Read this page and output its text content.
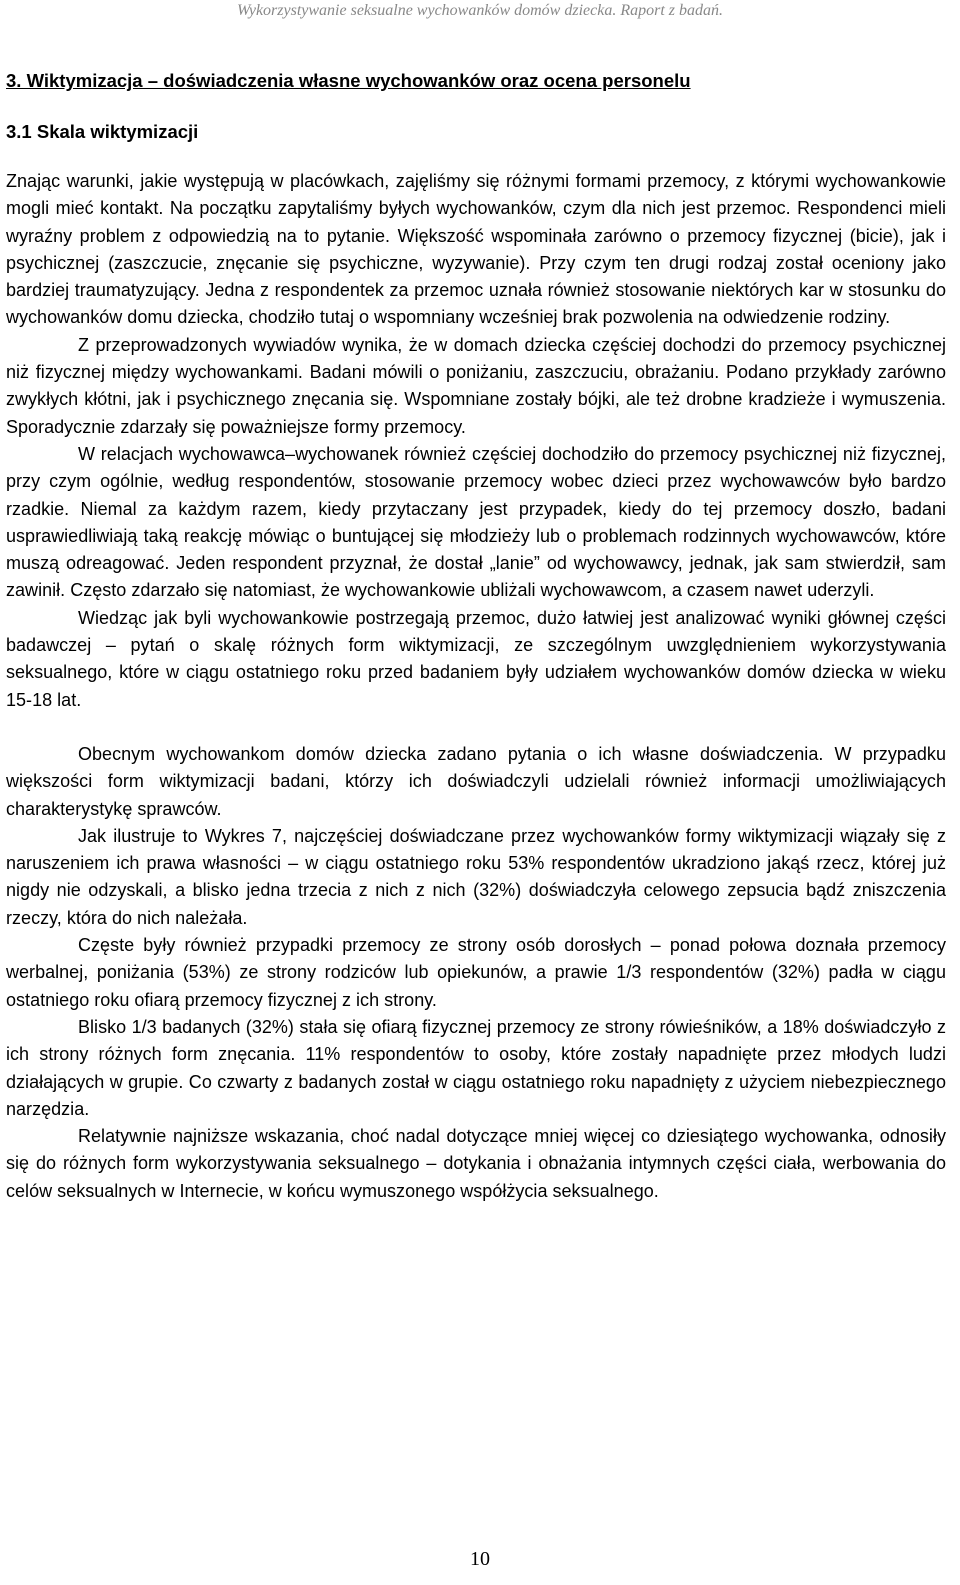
Wykorzystywanie seksualne wychowanków domów dziecka. Raport z badań.
3. Wiktymizacja – doświadczenia własne wychowanków oraz ocena personelu
3.1 Skala wiktymizacji

Znając warunki, jakie występują w placówkach, zajęliśmy się różnymi formami przemocy, z którymi wychowankowie mogli mieć kontakt. Na początku zapytaliśmy byłych wychowanków, czym dla nich jest przemoc. Respondenci mieli wyraźny problem z odpowiedzią na to pytanie. Większość wspominała zarówno o przemocy fizycznej (bicie), jak i psychicznej (zaszczucie, znęcanie się psychiczne, wyzywanie). Przy czym ten drugi rodzaj został oceniony jako bardziej traumatyzujący. Jedna z respondentek za przemoc uznała również stosowanie niektórych kar w stosunku do wychowanków domu dziecka, chodziło tutaj o wspomniany wcześniej brak pozwolenia na odwiedzenie rodziny.

Z przeprowadzonych wywiadów wynika, że w domach dziecka częściej dochodzi do przemocy psychicznej niż fizycznej między wychowankami. Badani mówili o poniżaniu, zaszczuciu, obrażaniu. Podano przykłady zarówno zwykłych kłótni, jak i psychicznego znęcania się. Wspomniane zostały bójki, ale też drobne kradzieże i wymuszenia. Sporadycznie zdarzały się poważniejsze formy przemocy.

W relacjach wychowawca–wychowanek również częściej dochodziło do przemocy psychicznej niż fizycznej, przy czym ogólnie, według respondentów, stosowanie przemocy wobec dzieci przez wychowawców było bardzo rzadkie. Niemal za każdym razem, kiedy przytaczany jest przypadek, kiedy do tej przemocy doszło, badani usprawiedliwiają taką reakcję mówiąc o buntującej się młodzieży lub o problemach rodzinnych wychowawców, które muszą odreagować. Jeden respondent przyznał, że dostał „lanie” od wychowawcy, jednak, jak sam stwierdził, sam zawinił. Często zdarzało się natomiast, że wychowankowie ubliżali wychowawcom, a czasem nawet uderzyli.

Wiedząc jak byli wychowankowie postrzegają przemoc, dużo łatwiej jest analizować wyniki głównej części badawczej – pytań o skalę różnych form wiktymizacji, ze szczególnym uwzględnieniem wykorzystywania seksualnego, które w ciągu ostatniego roku przed badaniem były udziałem wychowanków domów dziecka w wieku 15-18 lat.

Obecnym wychowankom domów dziecka zadano pytania o ich własne doświadczenia. W przypadku większości form wiktymizacji badani, którzy ich doświadczyli udzielali również informacji umożliwiających charakterystykę sprawców.

Jak ilustruje to Wykres 7, najczęściej doświadczane przez wychowanków formy wiktymizacji wiązały się z naruszeniem ich prawa własności – w ciągu ostatniego roku 53% respondentów ukradziono jakąś rzecz, której już nigdy nie odzyskali, a blisko jedna trzecia z nich z nich (32%) doświadczyła celowego zepsucia bądź zniszczenia rzeczy, która do nich należała.

Częste były również przypadki przemocy ze strony osób dorosłych – ponad połowa doznała przemocy werbalnej, poniżania (53%) ze strony rodziców lub opiekunów, a prawie 1/3 respondentów (32%) padła w ciągu ostatniego roku ofiarą przemocy fizycznej z ich strony.

Blisko 1/3 badanych (32%) stała się ofiarą fizycznej przemocy ze strony rówieśników, a 18% doświadczyło z ich strony różnych form znęcania. 11% respondentów to osoby, które zostały napadnięte przez młodych ludzi działających w grupie. Co czwarty z badanych został w ciągu ostatniego roku napadnięty z użyciem niebezpiecznego narzędzia.

Relatywnie najniższe wskazania, choć nadal dotyczące mniej więcej co dziesiątego wychowanka, odnosiły się do różnych form wykorzystywania seksualnego – dotykania i obnażania intymnych części ciała, werbowania do celów seksualnych w Internecie, w końcu wymuszonego współżycia seksualnego.

10
